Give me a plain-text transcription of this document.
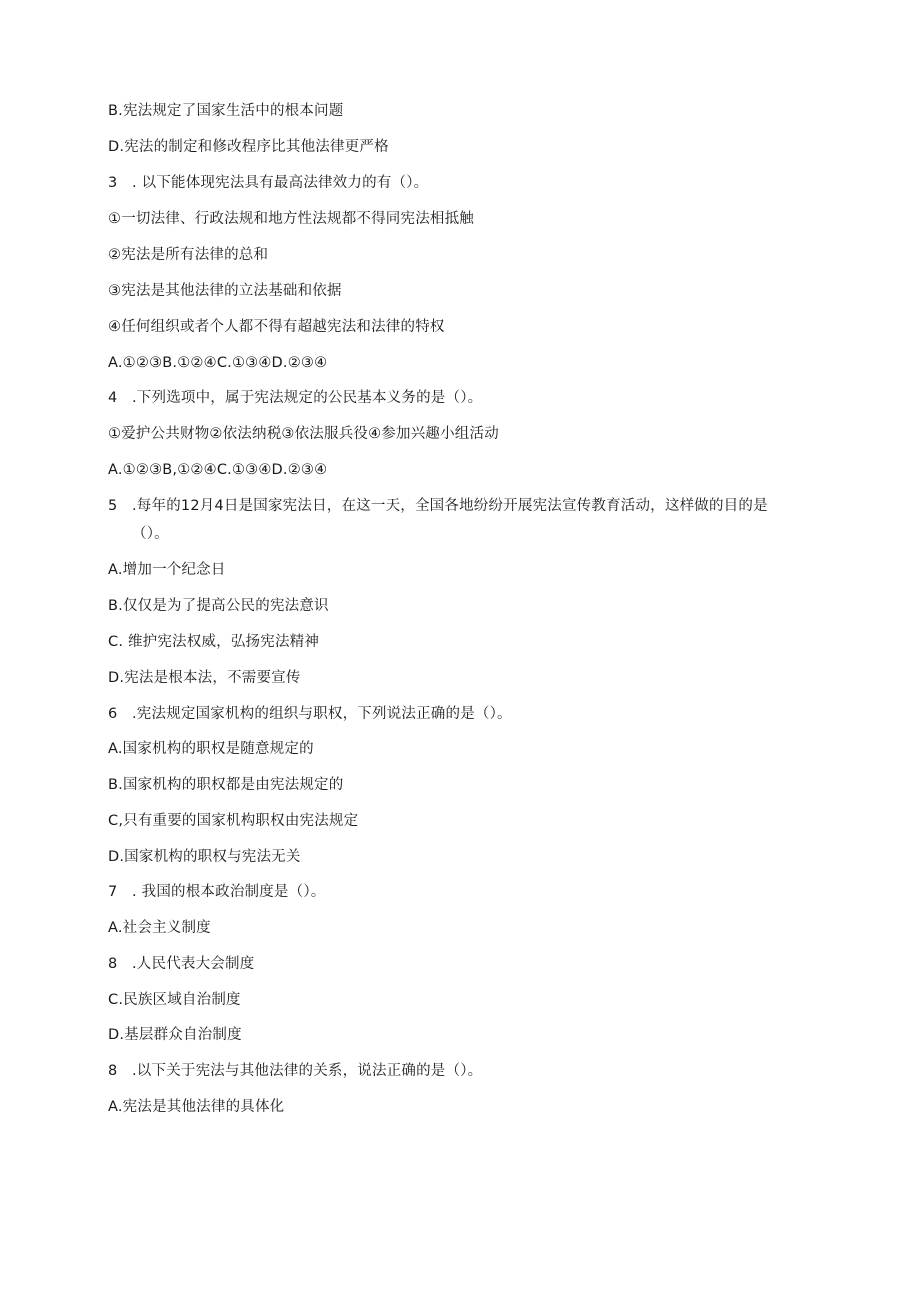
B.宪法规定了国家生活中的根本问题
D.宪法的制定和修改程序比其他法律更严格
3 . 以下能体现宪法具有最高法律效力的有（）。
①一切法律、行政法规和地方性法规都不得同宪法相抵触
②宪法是所有法律的总和
③宪法是其他法律的立法基础和依据
④任何组织或者个人都不得有超越宪法和法律的特权
A.①②③B.①②④C.①③④D.②③④
4 .下列选项中，属于宪法规定的公民基本义务的是（）。
①爱护公共财物②依法纳税③依法服兵役④参加兴趣小组活动
A.①②③B,①②④C.①③④D.②③④
5 .每年的12月4日是国家宪法日，在这一天，全国各地纷纷开展宪法宣传教育活动，这样做的目的是
（）。
A.增加一个纪念日
B.仅仅是为了提高公民的宪法意识
C. 维护宪法权威，弘扬宪法精神
D.宪法是根本法，不需要宣传
6 .宪法规定国家机构的组织与职权，下列说法正确的是（）。
A.国家机构的职权是随意规定的
B.国家机构的职权都是由宪法规定的
C,只有重要的国家机构职权由宪法规定
D.国家机构的职权与宪法无关
7 . 我国的根本政治制度是（）。
A.社会主义制度
8 .人民代表大会制度
C.民族区域自治制度
D.基层群众自治制度
8 .以下关于宪法与其他法律的关系，说法正确的是（）。
A.宪法是其他法律的具体化
